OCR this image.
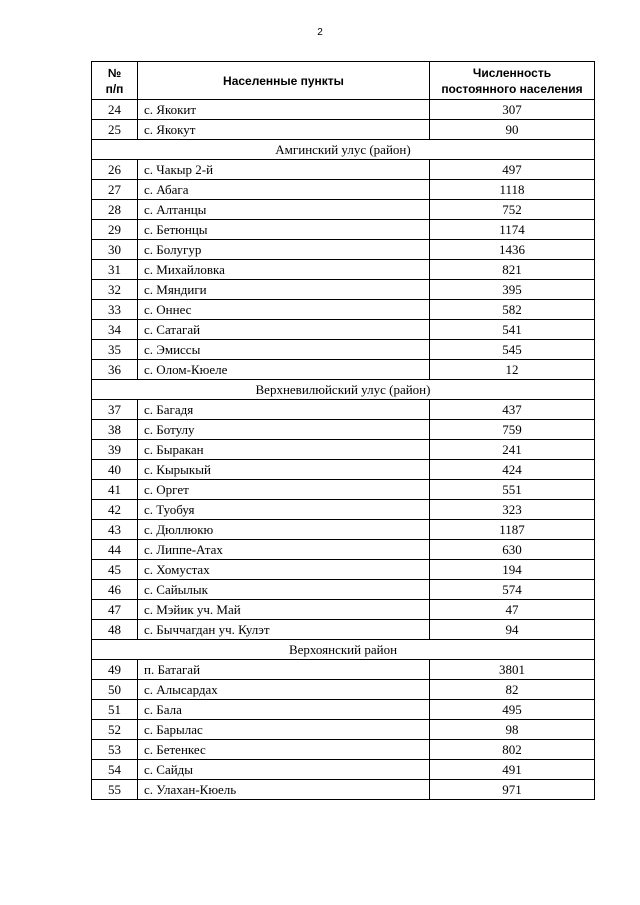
2
№
п/п	Населенные пункты	Численность
постоянного населения

24	с. Якокит	307
25	с. Якокут	90
Амгинский улус (район)		
26	с. Чакыр 2-й	497
27	с. Абага	1118
28	с. Алтанцы	752
29	с. Бетюнцы	1174
30	с. Болугур	1436
31	с. Михайловка	821
32	с. Мяндиги	395
33	с. Оннес	582
34	с. Сатагай	541
35	с. Эмиссы	545
36	с. Олом-Кюеле	12
Верхневилюйский улус (район)		
37	с. Багадя	437
38	с. Ботулу	759
39	с. Быракан	241
40	с. Кырыкый	424
41	с. Оргет	551
42	с. Туобуя	323
43	с. Дюллюкю	1187
44	с. Липпе-Атах	630
45	с. Хомустах	194
46	с. Сайылык	574
47	с. Мэйик уч. Май	47
48	с. Быччагдан уч. Кулэт	94
Верхоянский район		
49	п. Батагай	3801
50	с. Алысардах	82
51	с. Бала	495
52	с. Барылас	98
53	с. Бетенкес	802
54	с. Сайды	491
55	с. Улахан-Кюель	971
